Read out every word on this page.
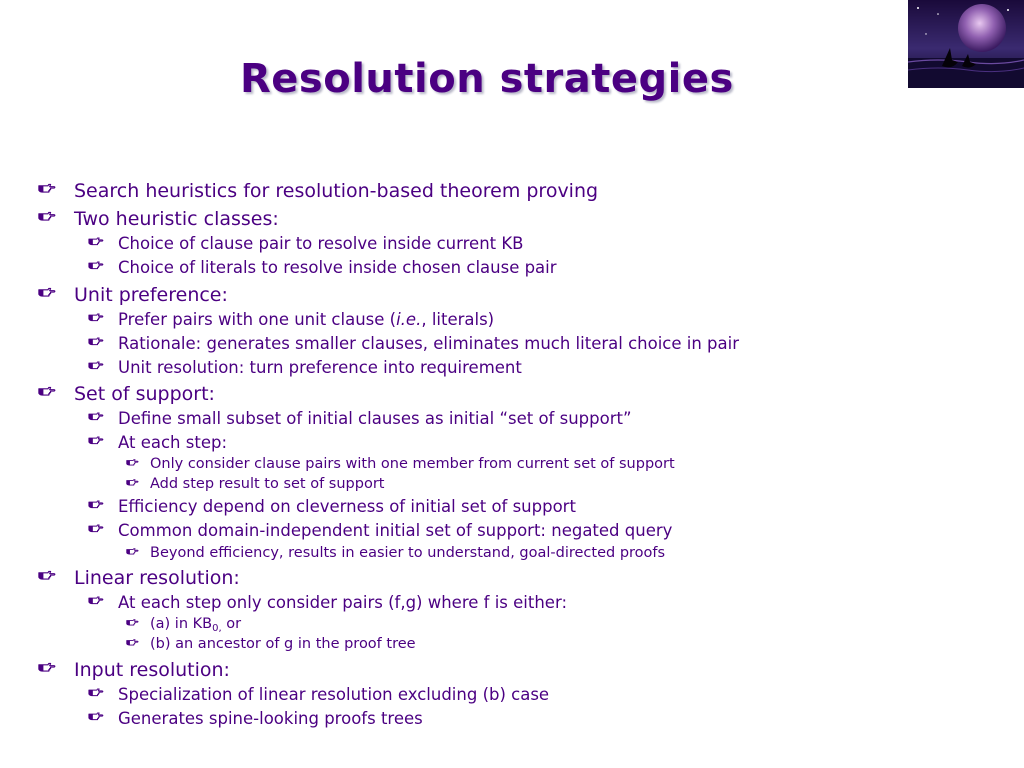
Resolution strategies
Search heuristics for resolution-based theorem proving
Two heuristic classes:
Choice of clause pair to resolve inside current KB
Choice of literals to resolve inside chosen clause pair
Unit preference:
Prefer pairs with one unit clause (i.e., literals)
Rationale: generates smaller clauses, eliminates much literal choice in pair
Unit resolution: turn preference into requirement
Set of support:
Define small subset of initial clauses as initial “set of support”
At each step:
Only consider clause pairs with one member from current set of support
Add step result to set of support
Efficiency depend on cleverness of initial set of support
Common domain-independent initial set of support: negated query
Beyond efficiency, results in easier to understand, goal-directed proofs
Linear resolution:
At each step only consider pairs (f,g) where f is either:
(a) in $KB_{0,}$ or
(b) an ancestor of g in the proof tree
Input resolution:
Specialization of linear resolution excluding (b) case
Generates spine-looking proofs trees
